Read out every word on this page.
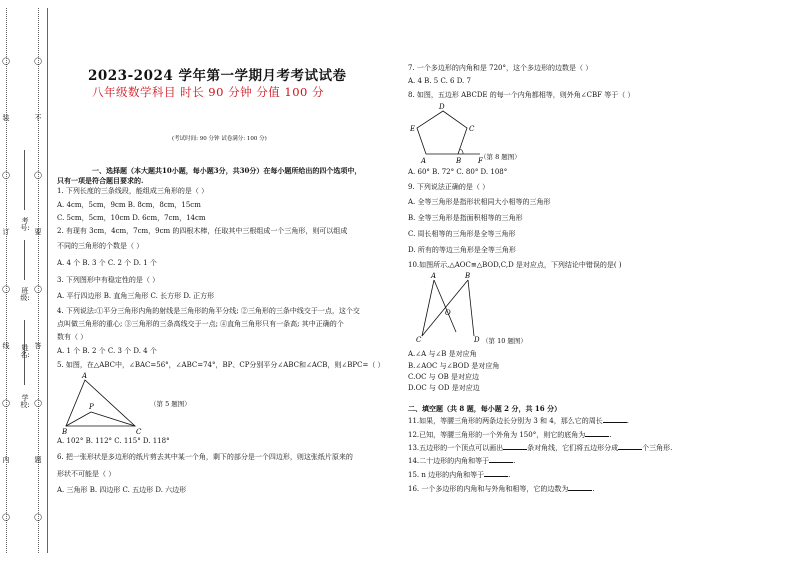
◯
装
◯
订
◯
线
◯
内
◯
◯
不
◯
要
◯
答
◯
题
◯
学校:
姓名:
班级:
考号:
2023-2024 学年第一学期月考考试试卷
八年级数学科目 时长 90 分钟 分值 100 分
(考试时间: 90 分钟 试卷满分: 100 分)
一、选择题（本大题共10小题，每小题3分，共30分）在每小题所给出的四个选项中，
只有一项是符合题目要求的.
1. 下列长度的三条线段，能组成三角形的是（ ）
A. 4cm，5cm，9cm B. 8cm，8cm，15cm
C. 5cm，5cm，10cm D. 6cm，7cm，14cm
2. 有现有 3cm，4cm，7cm，9cm 的四根木棒，任取其中三根组成一个三角形，则可以组成
不同的三角形的个数是（ ）
A. 4 个 B. 3 个 C. 2 个 D. 1 个
3. 下列图形中有稳定性的是（ ）
A. 平行四边形 B. 直角三角形 C. 长方形 D. 正方形
4. 下列说法:①平分三角形内角的射线是三角形的角平分线; ②三角形的三条中线交于一点，这个交
点叫做三角形的重心; ③三角形的三条高线交于一点; ④直角三角形只有一条高; 其中正确的个
数有（ ）
A. 1 个 B. 2 个 C. 3 个 D. 4 个
5. 如图，在△ABC中，∠BAC=56°，∠ABC=74°，BP、CP分别平分∠ABC和∠ACB，则∠BPC=（ ）
A
B	C
P	（第 5 题图）
A. 102° B. 112° C. 115° D. 118°
6. 把一张形状是多边形的纸片剪去其中某一个角，剩下的部分是一个四边形，则这张纸片原来的
形状不可能是（ ）
A. 三角形 B. 四边形 C. 五边形 D. 六边形
7. 一个多边形的内角和是 720°，这个多边形的边数是（ ）
A. 4 B. 5 C. 6 D. 7
8. 如图，五边形 ABCDE 的每一个内角都相等，则外角∠CBF 等于（ ）
D
E	C
A	B F
（第 8 题图）
A. 60° B. 72° C. 80° D. 108°
9. 下列说法正确的是（ ）
A. 全等三角形是指形状相同大小相等的三角形
B. 全等三角形是指面积相等的三角形
C. 周长相等的三角形是全等三角形
D. 所有的等边三角形是全等三角形
10.如图所示,△AOC≌△BOD,C,D 是对应点，下列结论中错误的是( )
A	B
O
C	D （第 10 题图）
A.∠A 与∠B 是对应角
B.∠AOC 与∠BOD 是对应角
C.OC 与 OB 是对应边
D.OC 与 OD 是对应边
二、填空题（共 8 题，每小题 2 分，共 16 分）
11.如果，等腰三角形的两条边长分别为 3 和 4，那么它的周长	.
12.已知，等腰三角形的一个外角为 150°，则它的底角为	.
13.五边形的一个顶点可以画出	条对角线，它们将五边形分成	个三角形.
14.二十边形的内角和等于	.
15. n 边形的内角和等于	.
16. 一个多边形的内角和与外角和相等，它的边数为	.
